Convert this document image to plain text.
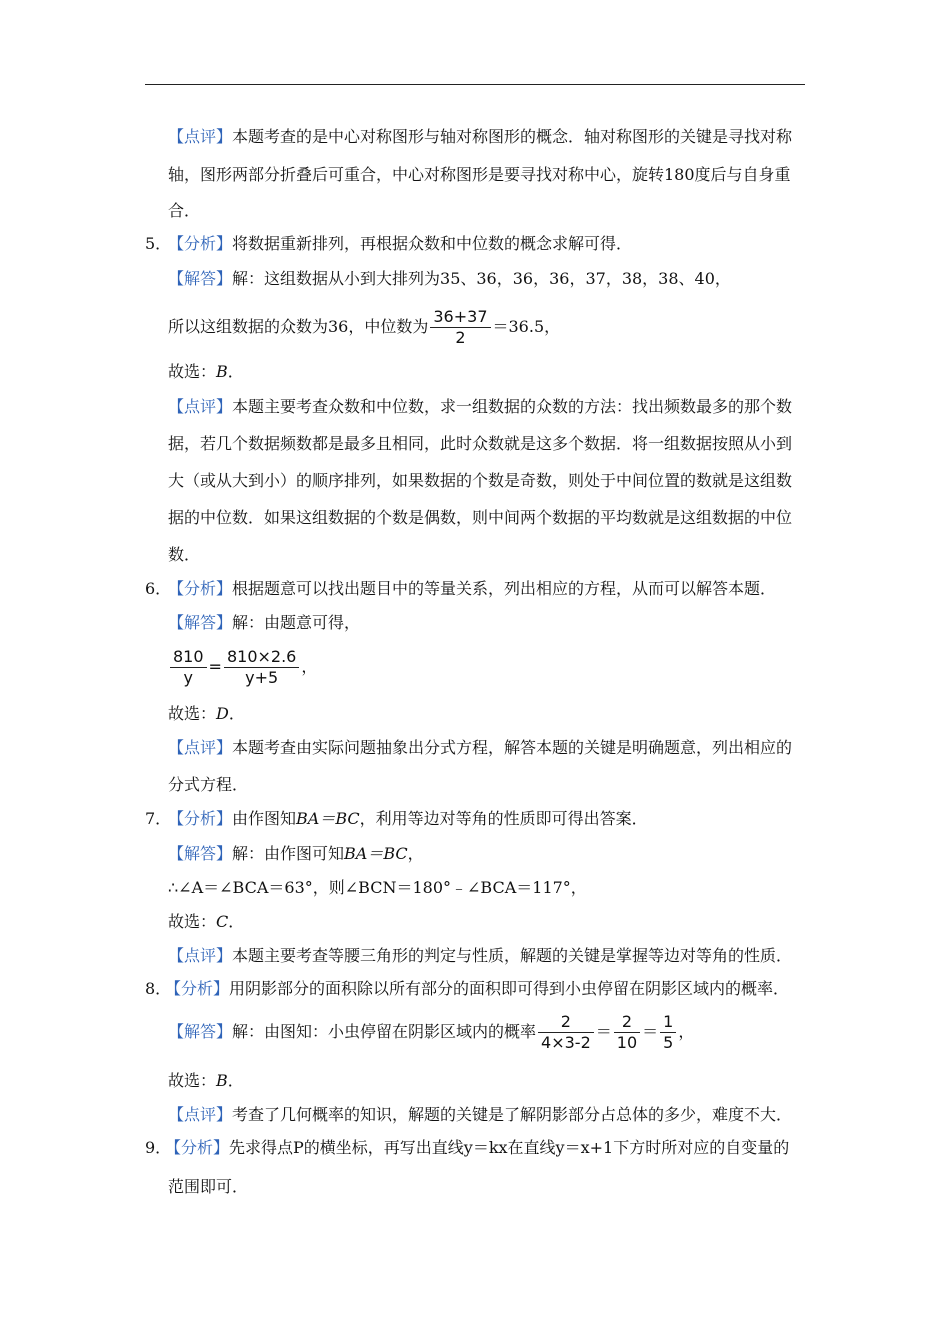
【点评】本题考查的是中心对称图形与轴对称图形的概念．轴对称图形的关键是寻找对称
轴，图形两部分折叠后可重合，中心对称图形是要寻找对称中心，旋转180度后与自身重
合．
5．
【分析】将数据重新排列，再根据众数和中位数的概念求解可得．
【解答】解：这组数据从小到大排列为35、36，36，36，37，38，38、40，
所以这组数据的众数为36，中位数为 $\frac{36+37}{2} =36.5$，
故选：B．
【点评】本题主要考查众数和中位数，求一组数据的众数的方法：找出频数最多的那个数
据，若几个数据频数都是最多且相同，此时众数就是这多个数据．将一组数据按照从小到
大（或从大到小）的顺序排列，如果数据的个数是奇数，则处于中间位置的数就是这组数
据的中位数．如果这组数据的个数是偶数，则中间两个数据的平均数就是这组数据的中位
数．
6．
【分析】根据题意可以找出题目中的等量关系，列出相应的方程，从而可以解答本题．
【解答】解：由题意可得，
$\frac{810}{y} = \frac{810\times 2.6}{y+5}$ ，
故选：D．
【点评】本题考查由实际问题抽象出分式方程，解答本题的关键是明确题意，列出相应的
分式方程．
7．
【分析】由作图知BA＝BC，利用等边对等角的性质即可得出答案．
【解答】解：由作图可知BA＝BC，
∴∠A＝∠BCA＝63°，则∠BCN＝180°﹣∠BCA＝117°，
故选：C．
【点评】本题主要考查等腰三角形的判定与性质，解题的关键是掌握等边对等角的性质．
8．
【分析】用阴影部分的面积除以所有部分的面积即可得到小虫停留在阴影区域内的概率．
【解答】解：由图知：小虫停留在阴影区域内的概率 $\frac{2}{4\times 3-2} = \frac{2}{10} = \frac{1}{5}$ ，
故选：B．
【点评】考查了几何概率的知识，解题的关键是了解阴影部分占总体的多少，难度不大．
9．
【分析】先求得点P的横坐标，再写出直线y＝kx在直线y＝x+1下方时所对应的自变量的
范围即可．
